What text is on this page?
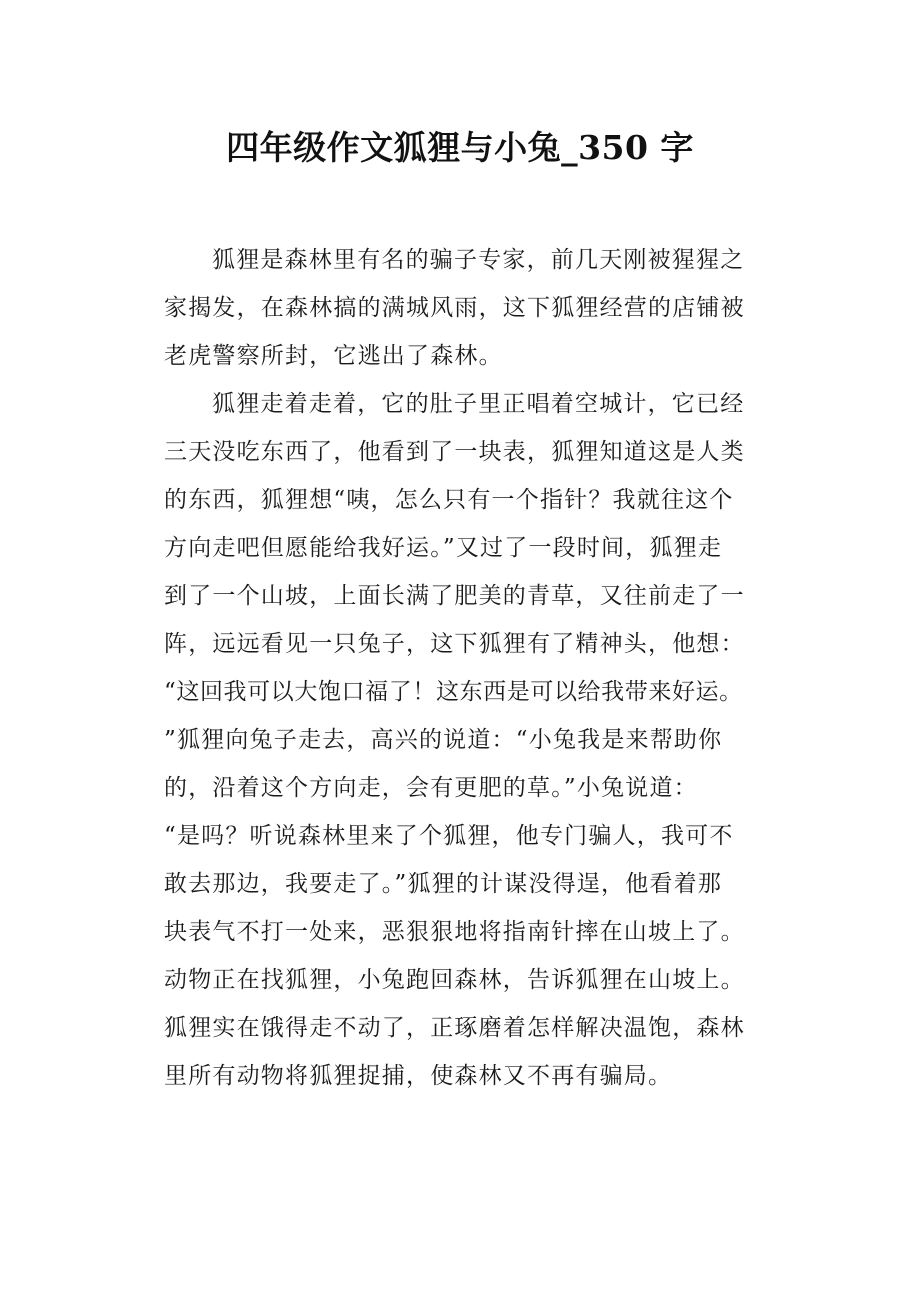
四年级作文狐狸与小兔_350 字

狐狸是森林里有名的骗子专家，前几天刚被猩猩之

家揭发，在森林搞的满城风雨，这下狐狸经营的店铺被

老虎警察所封，它逃出了森林。

狐狸走着走着，它的肚子里正唱着空城计，它已经

三天没吃东西了，他看到了一块表，狐狸知道这是人类

的东西，狐狸想“咦，怎么只有一个指针？我就往这个

方向走吧但愿能给我好运。”又过了一段时间，狐狸走

到了一个山坡，上面长满了肥美的青草，又往前走了一

阵，远远看见一只兔子，这下狐狸有了精神头，他想：

“这回我可以大饱口福了！这东西是可以给我带来好运。

”狐狸向兔子走去，高兴的说道：“小兔我是来帮助你

的，沿着这个方向走，会有更肥的草。”小兔说道：

“是吗？听说森林里来了个狐狸，他专门骗人，我可不

敢去那边，我要走了。”狐狸的计谋没得逞，他看着那

块表气不打一处来，恶狠狠地将指南针摔在山坡上了。

动物正在找狐狸，小兔跑回森林，告诉狐狸在山坡上。

狐狸实在饿得走不动了，正琢磨着怎样解决温饱，森林

里所有动物将狐狸捉捕，使森林又不再有骗局。
